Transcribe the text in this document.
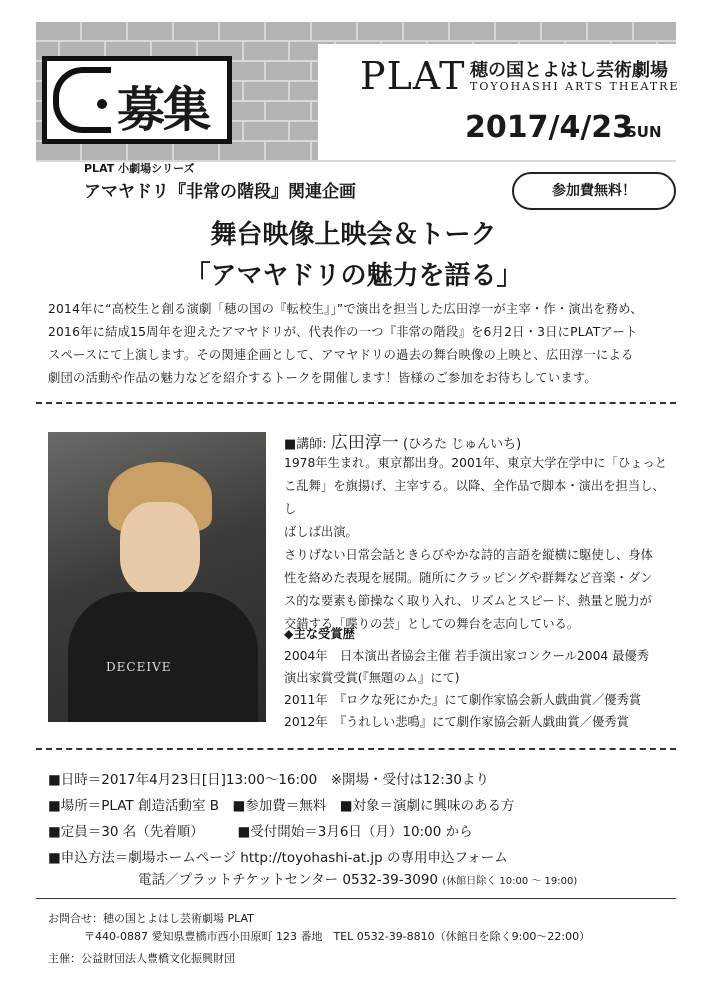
募集
PLAT 穂の国とよはし芸術劇場
TOYOHASHI ARTS THEATRE
2017/4/23
SUN
PLAT 小劇場シリーズ
アマヤドリ『非常の階段』関連企画	参加費無料！
舞台映像上映会＆トーク
「アマヤドリの魅力を語る」
2014年に“高校生と創る演劇「穂の国の『転校生』」”で演出を担当した広田淳一が主宰・作・演出を務め、
2016年に結成15周年を迎えたアマヤドリが、代表作の一つ『非常の階段』を6月2日・3日にPLATアート
スペースにて上演します。その関連企画として、アマヤドリの過去の舞台映像の上映と、広田淳一による
劇団の活動や作品の魅力などを紹介するトークを開催します！皆様のご参加をお待ちしています。
DECEIVE
■講師: 広田淳一 (ひろた じゅんいち)
1978年生まれ。東京都出身。2001年、東京大学在学中に「ひょっと
こ乱舞」を旗揚げ、主宰する。以降、全作品で脚本・演出を担当し、し
ばしば出演。
さりげない日常会話ときらびやかな詩的言語を縦横に駆使し、身体
性を絡めた表現を展開。随所にクラッピングや群舞など音楽・ダン
ス的な要素も節操なく取り入れ、リズムとスピード、熱量と脱力が
交錯する「喋りの芸」としての舞台を志向している。
◆主な受賞歴
2004年　日本演出者協会主催 若手演出家コンクール2004 最優秀
演出家賞受賞(『無題のム』にて)
2011年　『ロクな死にかた』にて劇作家協会新人戯曲賞／優秀賞
2012年　『うれしい悲鳴』にて劇作家協会新人戯曲賞／優秀賞
■日時＝2017年4月23日[日]13:00〜16:00　※開場・受付は12:30より
■場所＝PLAT 創造活動室 B　■参加費＝無料　■対象＝演劇に興味のある方
■定員＝30 名（先着順）　　　■受付開始＝3月6日（月）10:00 から
■申込方法＝劇場ホームページ http://toyohashi-at.jp の専用申込フォーム
電話／プラットチケットセンター 0532-39-3090 (休館日除く 10:00 〜 19:00)
お問合せ：穂の国とよはし芸術劇場 PLAT
〒440-0887 愛知県豊橋市西小田原町 123 番地　TEL 0532-39-8810（休館日を除く9:00〜22:00）
主催：公益財団法人豊橋文化振興財団
